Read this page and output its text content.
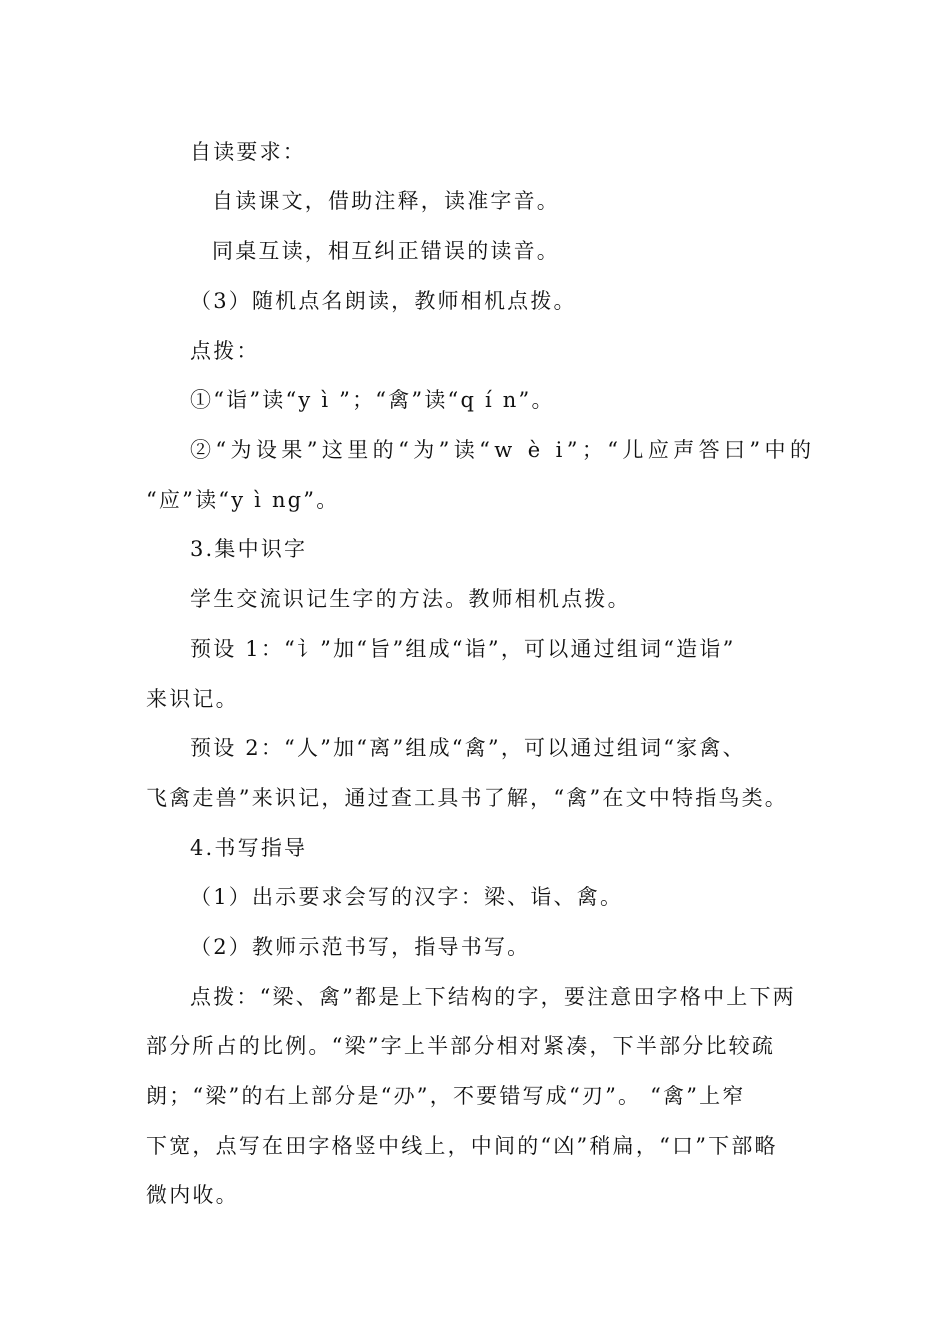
自读要求：
自读课文，借助注释，读准字音。
同桌互读，相互纠正错误的读音。
（3）随机点名朗读，教师相机点拨。
点拨：
①“诣”读“y ì ”；“禽”读“q í n”。
②“为设果”这里的“为”读“w è i”；“儿应声答曰”中的
“应”读“y ì ng”。
3.集中识字
学生交流识记生字的方法。教师相机点拨。
预设 1：“讠”加“旨”组成“诣”，可以通过组词“造诣”
来识记。
预设 2：“人”加“离”组成“禽”，可以通过组词“家禽、
飞禽走兽”来识记，通过查工具书了解，“禽”在文中特指鸟类。
4.书写指导
（1）出示要求会写的汉字：梁、诣、禽。
（2）教师示范书写，指导书写。
点拨：“梁、禽”都是上下结构的字，要注意田字格中上下两
部分所占的比例。“梁”字上半部分相对紧凑，下半部分比较疏
朗；“梁”的右上部分是“刅”，不要错写成“刃”。 “禽”上窄
下宽，点写在田字格竖中线上，中间的“凶”稍扁，“口”下部略
微内收。
